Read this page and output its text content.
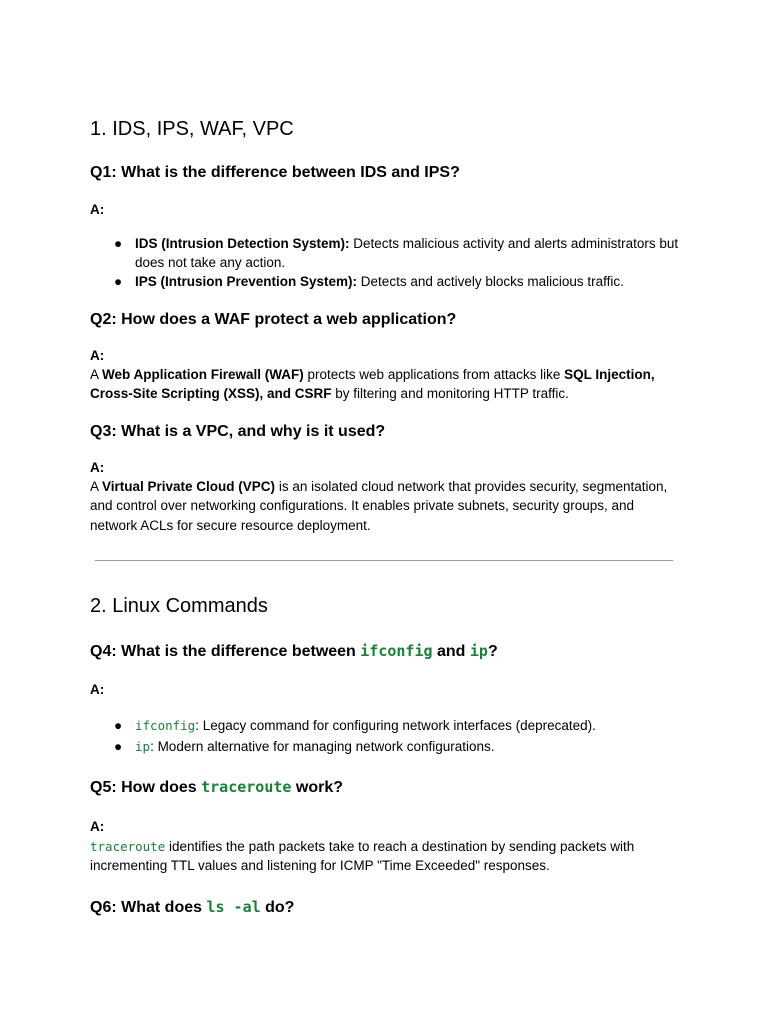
1. IDS, IPS, WAF, VPC
Q1: What is the difference between IDS and IPS?
A:
● IDS (Intrusion Detection System): Detects malicious activity and alerts administrators but does not take any action.
● IPS (Intrusion Prevention System): Detects and actively blocks malicious traffic.
Q2: How does a WAF protect a web application?
A:

A Web Application Firewall (WAF) protects web applications from attacks like SQL Injection, Cross-Site Scripting (XSS), and CSRF by filtering and monitoring HTTP traffic.

Q3: What is a VPC, and why is it used?
A:

A Virtual Private Cloud (VPC) is an isolated cloud network that provides security, segmentation, and control over networking configurations. It enables private subnets, security groups, and network ACLs for secure resource deployment.

2. Linux Commands
Q4: What is the difference between ifconfig and ip?
A:
● ifconfig: Legacy command for configuring network interfaces (deprecated).
● ip: Modern alternative for managing network configurations.
Q5: How does traceroute work?
A:

traceroute identifies the path packets take to reach a destination by sending packets with incrementing TTL values and listening for ICMP "Time Exceeded" responses.

Q6: What does ls -al do?
